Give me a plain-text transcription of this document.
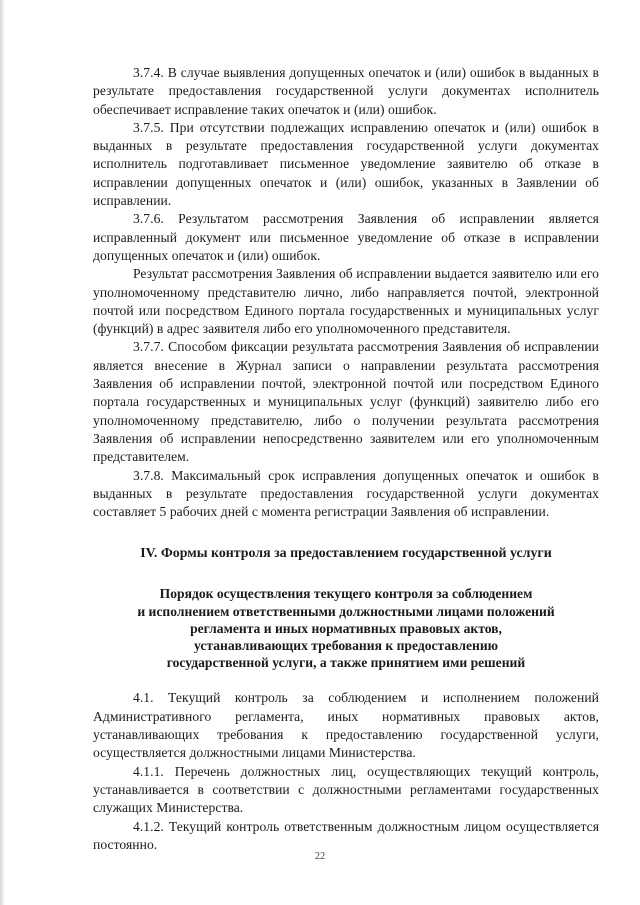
3.7.4. В случае выявления допущенных опечаток и (или) ошибок в выданных в результате предоставления государственной услуги документах исполнитель обеспечивает исправление таких опечаток и (или) ошибок.

3.7.5. При отсутствии подлежащих исправлению опечаток и (или) ошибок в выданных в результате предоставления государственной услуги документах исполнитель подготавливает письменное уведомление заявителю об отказе в исправлении допущенных опечаток и (или) ошибок, указанных в Заявлении об исправлении.

3.7.6. Результатом рассмотрения Заявления об исправлении является исправленный документ или письменное уведомление об отказе в исправлении допущенных опечаток и (или) ошибок.

Результат рассмотрения Заявления об исправлении выдается заявителю или его уполномоченному представителю лично, либо направляется почтой, электронной почтой или посредством Единого портала государственных и муниципальных услуг (функций) в адрес заявителя либо его уполномоченного представителя.

3.7.7. Способом фиксации результата рассмотрения Заявления об исправлении является внесение в Журнал записи о направлении результата рассмотрения Заявления об исправлении почтой, электронной почтой или посредством Единого портала государственных и муниципальных услуг (функций) заявителю либо его уполномоченному представителю, либо о получении результата рассмотрения Заявления об исправлении непосредственно заявителем или его уполномоченным представителем.

3.7.8. Максимальный срок исправления допущенных опечаток и ошибок в выданных в результате предоставления государственной услуги документах составляет 5 рабочих дней с момента регистрации Заявления об исправлении.

IV. Формы контроля за предоставлением государственной услуги
Порядок осуществления текущего контроля за соблюдением
и исполнением ответственными должностными лицами положений
регламента и иных нормативных правовых актов,
устанавливающих требования к предоставлению
государственной услуги, а также принятием ими решений

4.1. Текущий контроль за соблюдением и исполнением положений Административного регламента, иных нормативных правовых актов, устанавливающих требования к предоставлению государственной услуги, осуществляется должностными лицами Министерства.

4.1.1. Перечень должностных лиц, осуществляющих текущий контроль, устанавливается в соответствии с должностными регламентами государственных служащих Министерства.

4.1.2. Текущий контроль ответственным должностным лицом осуществляется постоянно.

22
